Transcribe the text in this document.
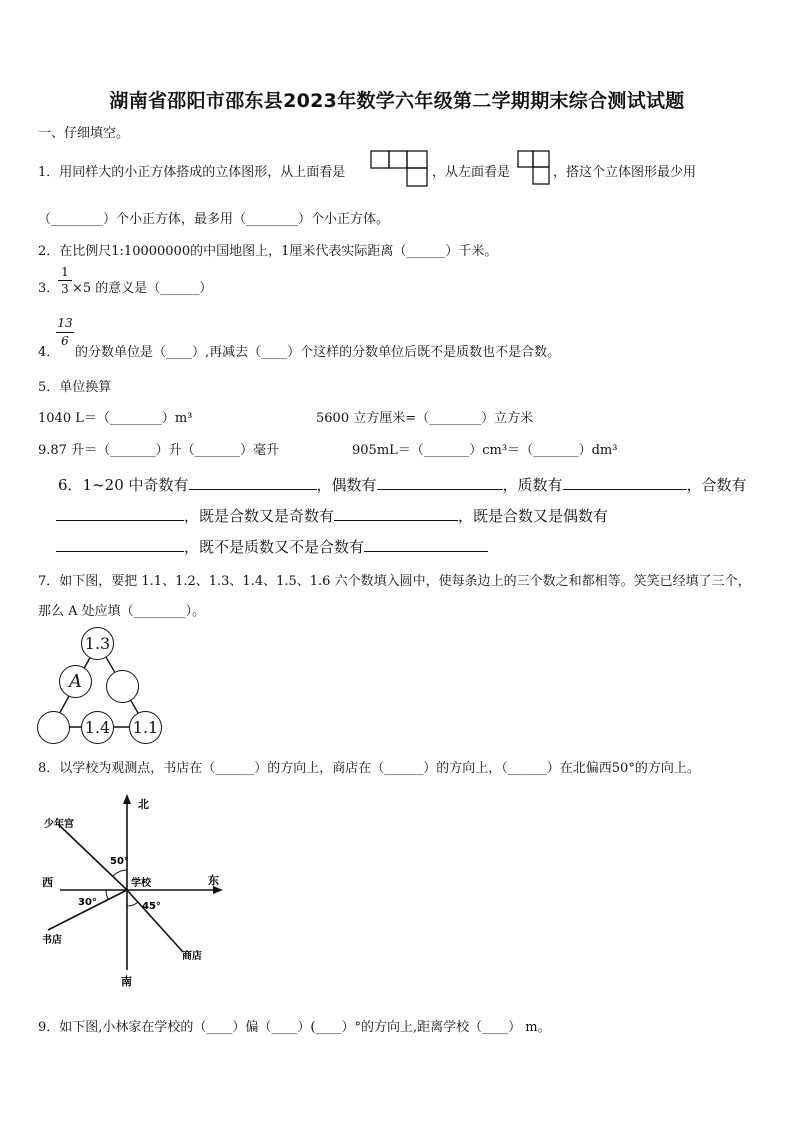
湖南省邵阳市邵东县2023年数学六年级第二学期期末综合测试试题
一、仔细填空。
1．用同样大的小正方体搭成的立体图形，从上面看是	，从左面看是	，搭这个立体图形最少用
（________）个小正方体，最多用（________）个小正方体。
2．在比例尺1:10000000的中国地图上，1厘米代表实际距离（______）千米。
3．
1
3 ×5 的意义是（______）
4．
13
6
的分数单位是（____）,再减去（____）个这样的分数单位后既不是质数也不是合数。
5．单位换算
1040 L＝（________）m³	5600 立方厘米=（________）立方米
9.87 升＝（_______）升（_______）毫升	905mL＝（_______）cm³＝（_______）dm³
6．1~20 中奇数有	，偶数有	，质数有	，合数有
，既是合数又是奇数有	，既是合数又是偶数有
，既不是质数又不是合数有
7．如下图，要把 1.1、1.2、1.3、1.4、1.5、1.6 六个数填入圆中，使每条边上的三个数之和都相等。笑笑已经填了三个，
那么 A 处应填（________）。
1.3
A
1.4 1.1
8．以学校为观测点，书店在（______）的方向上，商店在（______）的方向上，（______）在北偏西50°的方向上。
北
南
东
西	学校
少年宫
书店
商店
50°
30°	45°
9．如下图,小林家在学校的（____）偏（____）(____）°的方向上,距离学校（____） m。
